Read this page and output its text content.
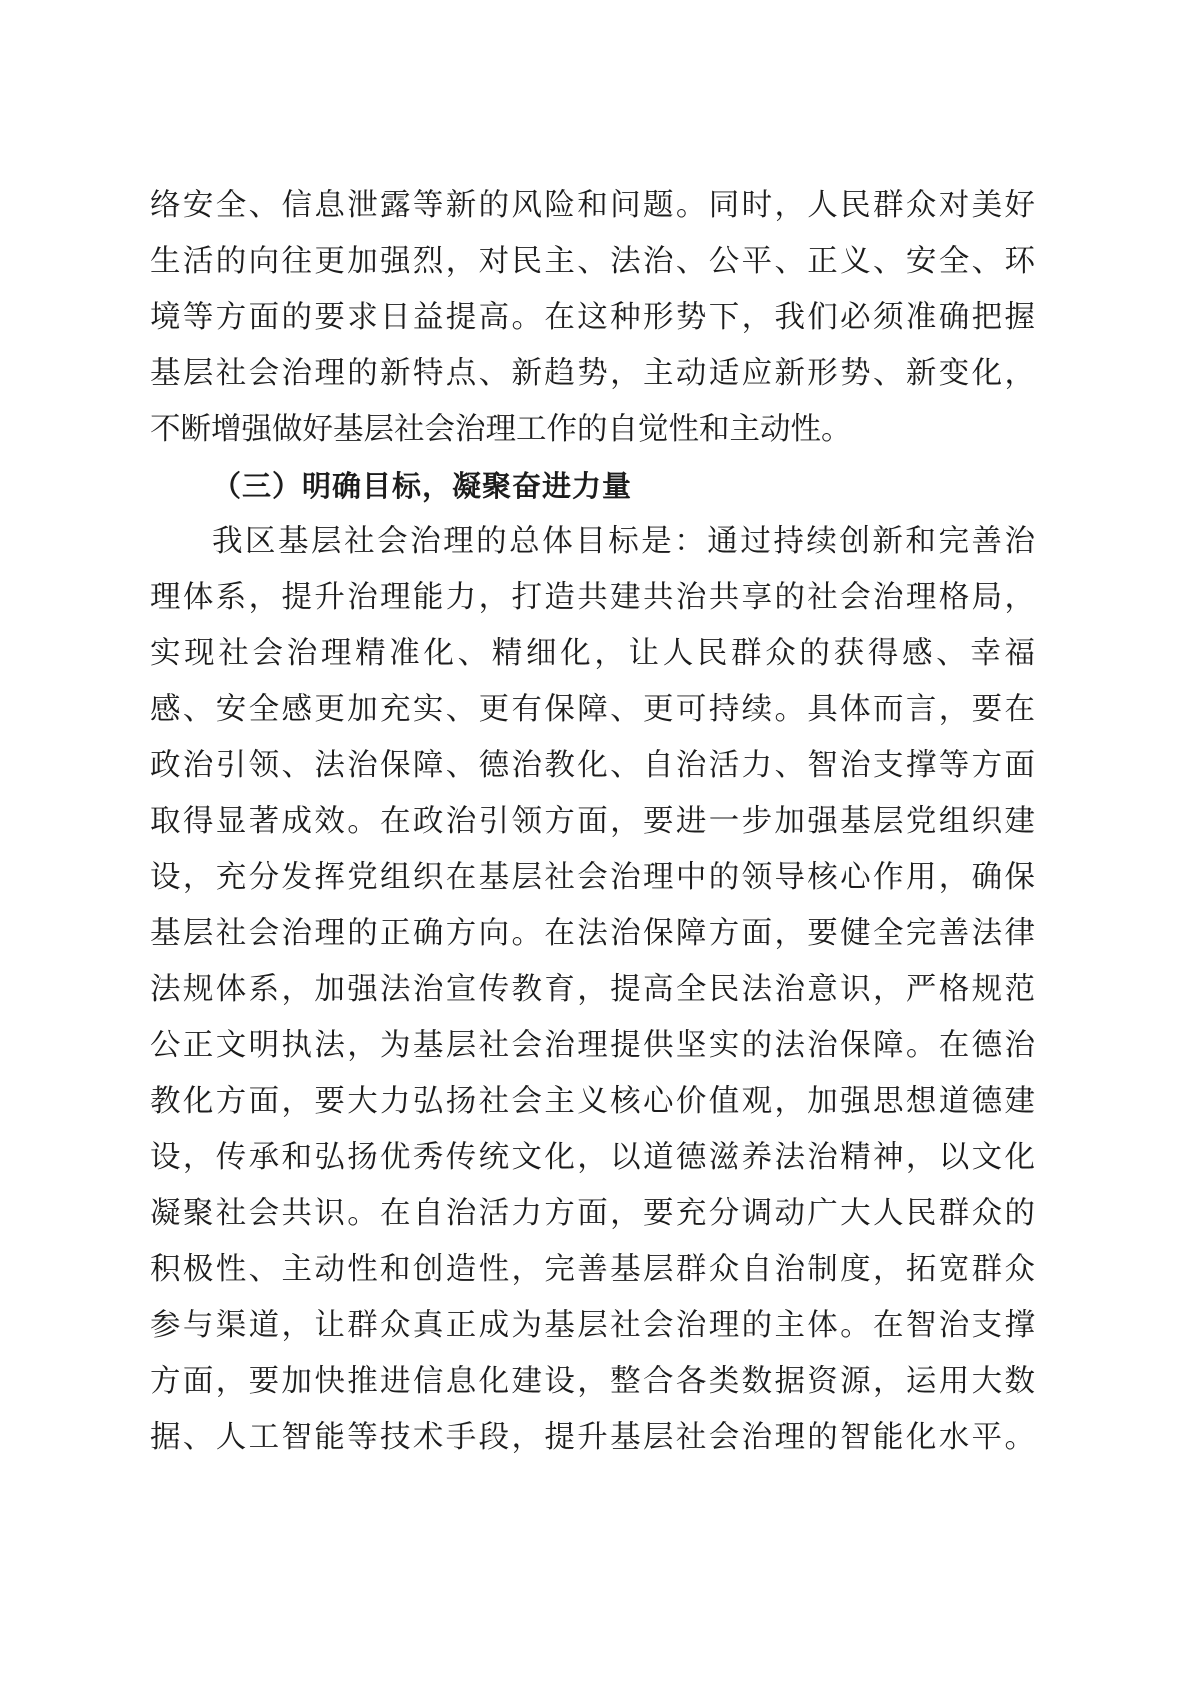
络安全、信息泄露等新的风险和问题。同时，人民群众对美好
生活的向往更加强烈，对民主、法治、公平、正义、安全、环
境等方面的要求日益提高。在这种形势下，我们必须准确把握
基层社会治理的新特点、新趋势，主动适应新形势、新变化，
不断增强做好基层社会治理工作的自觉性和主动性。
（三）明确目标，凝聚奋进力量
我区基层社会治理的总体目标是：通过持续创新和完善治
理体系，提升治理能力，打造共建共治共享的社会治理格局，
实现社会治理精准化、精细化，让人民群众的获得感、幸福
感、安全感更加充实、更有保障、更可持续。具体而言，要在
政治引领、法治保障、德治教化、自治活力、智治支撑等方面
取得显著成效。在政治引领方面，要进一步加强基层党组织建
设，充分发挥党组织在基层社会治理中的领导核心作用，确保
基层社会治理的正确方向。在法治保障方面，要健全完善法律
法规体系，加强法治宣传教育，提高全民法治意识，严格规范
公正文明执法，为基层社会治理提供坚实的法治保障。在德治
教化方面，要大力弘扬社会主义核心价值观，加强思想道德建
设，传承和弘扬优秀传统文化，以道德滋养法治精神，以文化
凝聚社会共识。在自治活力方面，要充分调动广大人民群众的
积极性、主动性和创造性，完善基层群众自治制度，拓宽群众
参与渠道，让群众真正成为基层社会治理的主体。在智治支撑
方面，要加快推进信息化建设，整合各类数据资源，运用大数
据、人工智能等技术手段，提升基层社会治理的智能化水平。
